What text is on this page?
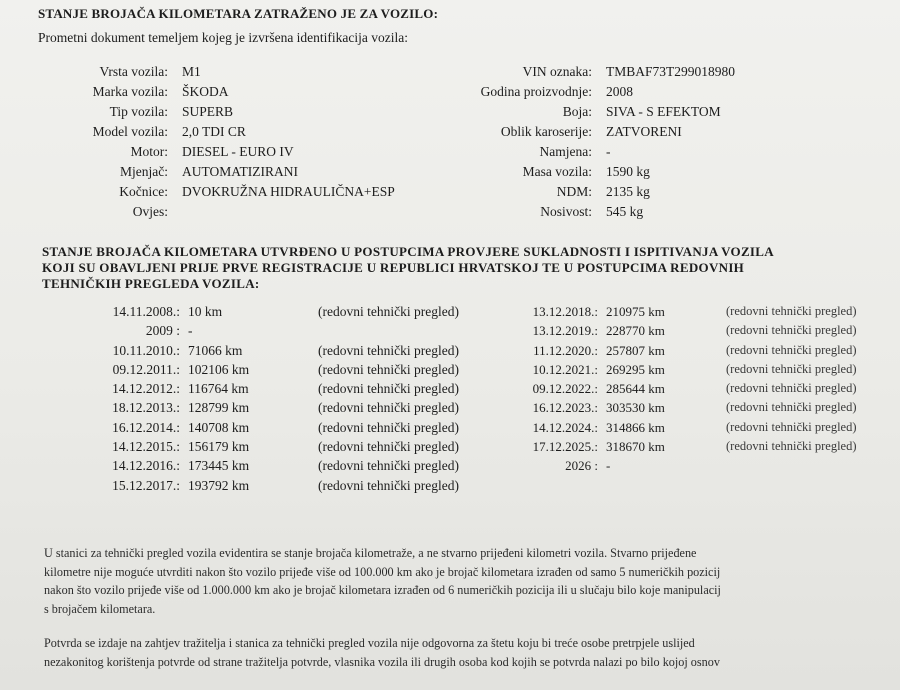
STANJE BROJAČA KILOMETARA ZATRAŽENO JE ZA VOZILO:
Prometni dokument temeljem kojeg je izvršena identifikacija vozila:
Vrsta vozila:	M1
Marka vozila:	ŠKODA
Tip vozila:	SUPERB
Model vozila:	2,0 TDI CR
Motor:	DIESEL - EURO IV
Mjenjač:	AUTOMATIZIRANI
Kočnice:	DVOKRUŽNA HIDRAULIČNA+ESP
Ovjes:
VIN oznaka:	TMBAF73T299018980
Godina proizvodnje:	2008
Boja:	SIVA - S EFEKTOM
Oblik karoserije:	ZATVORENI
Namjena:	-
Masa vozila:	1590 kg
NDM:	2135 kg
Nosivost:	545 kg
STANJE BROJAČA KILOMETARA UTVRĐENO U POSTUPCIMA PROVJERE SUKLADNOSTI I ISPITIVANJA VOZILA
KOJI SU OBAVLJENI PRIJE PRVE REGISTRACIJE U REPUBLICI HRVATSKOJ TE U POSTUPCIMA REDOVNIH
TEHNIČKIH PREGLEDA VOZILA:
14.11.2008.: 10 km	(redovni tehnički pregled)
2009 : -
10.11.2010.: 71066 km	(redovni tehnički pregled)
09.12.2011.: 102106 km	(redovni tehnički pregled)
14.12.2012.: 116764 km	(redovni tehnički pregled)
18.12.2013.: 128799 km	(redovni tehnički pregled)
16.12.2014.: 140708 km	(redovni tehnički pregled)
14.12.2015.: 156179 km	(redovni tehnički pregled)
14.12.2016.: 173445 km	(redovni tehnički pregled)
15.12.2017.: 193792 km	(redovni tehnički pregled)
13.12.2018.: 210975 km	(redovni tehnički pregled)
13.12.2019.: 228770 km	(redovni tehnički pregled)
11.12.2020.: 257807 km	(redovni tehnički pregled)
10.12.2021.: 269295 km	(redovni tehnički pregled)
09.12.2022.: 285644 km	(redovni tehnički pregled)
16.12.2023.: 303530 km	(redovni tehnički pregled)
14.12.2024.: 314866 km	(redovni tehnički pregled)
17.12.2025.: 318670 km	(redovni tehnički pregled)
2026 : -

U stanici za tehnički pregled vozila evidentira se stanje brojača kilometraže, a ne stvarno prijeđeni kilometri vozila. Stvarno prijeđene

kilometre nije moguće utvrditi nakon što vozilo prijeđe više od 100.000 km ako je brojač kilometara izrađen od samo 5 numeričkih pozicij

nakon što vozilo prijeđe više od 1.000.000 km ako je brojač kilometara izrađen od 6 numeričkih pozicija ili u slučaju bilo koje manipulacij

s brojačem kilometara.

Potvrda se izdaje na zahtjev tražitelja i stanica za tehnički pregled vozila nije odgovorna za štetu koju bi treće osobe pretrpjele uslijed

nezakonitog korištenja potvrde od strane tražitelja potvrde, vlasnika vozila ili drugih osoba kod kojih se potvrda nalazi po bilo kojoj osnov
